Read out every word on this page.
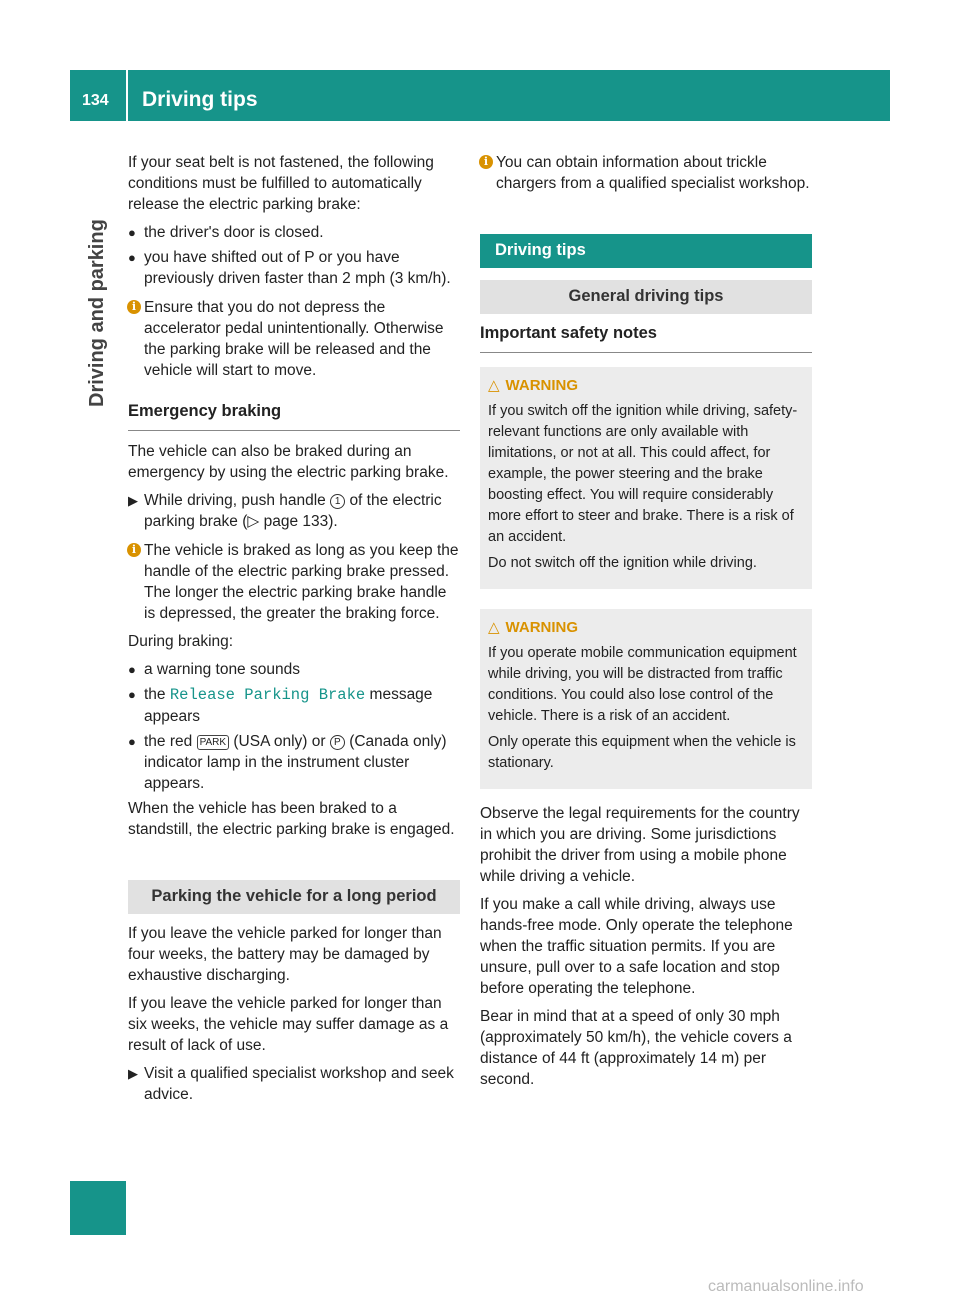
134 Driving tips
Driving and parking

If your seat belt is not fastened, the following conditions must be fulfilled to automatically release the electric parking brake:

● the driver's door is closed.
● you have shifted out of P or you have previously driven faster than 2 mph (3 km/h).
i Ensure that you do not depress the accelerator pedal unintentionally. Otherwise the parking brake will be released and the vehicle will start to move.
Emergency braking

The vehicle can also be braked during an emergency by using the electric parking brake.

▶ While driving, push handle 1 of the electric parking brake (▷ page 133).
i The vehicle is braked as long as you keep the handle of the electric parking brake pressed. The longer the electric parking brake handle is depressed, the greater the braking force.

During braking:

● a warning tone sounds
● the Release Parking Brake message appears
● the red PARK (USA only) or P (Canada only) indicator lamp in the instrument cluster appears.

When the vehicle has been braked to a standstill, the electric parking brake is engaged.

Parking the vehicle for a long period

If you leave the vehicle parked for longer than four weeks, the battery may be damaged by exhaustive discharging.

If you leave the vehicle parked for longer than six weeks, the vehicle may suffer damage as a result of lack of use.

▶ Visit a qualified specialist workshop and seek advice.
i You can obtain information about trickle chargers from a qualified specialist workshop.
Driving tips
General driving tips
Important safety notes
△ WARNING

If you switch off the ignition while driving, safety-relevant functions are only available with limitations, or not at all. This could affect, for example, the power steering and the brake boosting effect. You will require considerably more effort to steer and brake. There is a risk of an accident.

Do not switch off the ignition while driving.

△ WARNING

If you operate mobile communication equipment while driving, you will be distracted from traffic conditions. You could also lose control of the vehicle. There is a risk of an accident.

Only operate this equipment when the vehicle is stationary.

Observe the legal requirements for the country in which you are driving. Some jurisdictions prohibit the driver from using a mobile phone while driving a vehicle.

If you make a call while driving, always use hands-free mode. Only operate the telephone when the traffic situation permits. If you are unsure, pull over to a safe location and stop before operating the telephone.

Bear in mind that at a speed of only 30 mph (approximately 50 km/h), the vehicle covers a distance of 44 ft (approximately 14 m) per second.

carmanualsonline.info
